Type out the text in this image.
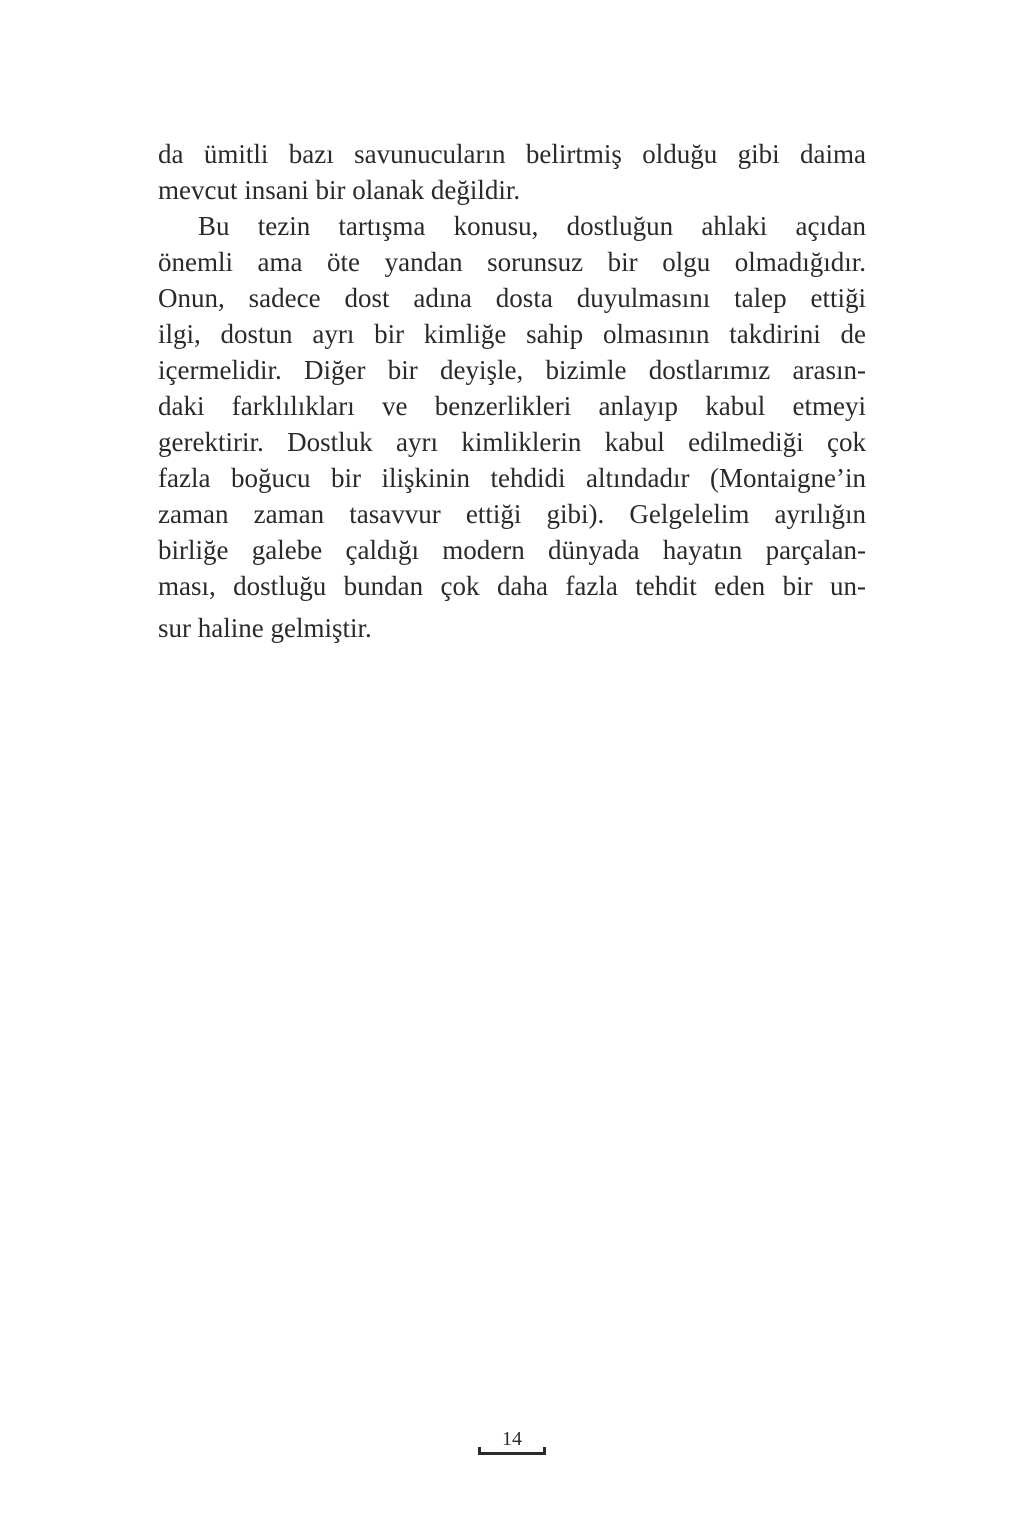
da ümitli bazı savunucuların belirtmiş olduğu gibi daima
mevcut insani bir olanak değildir.
Bu tezin tartışma konusu, dostluğun ahlaki açıdan
önemli ama öte yandan sorunsuz bir olgu olmadığıdır.
Onun, sadece dost adına dosta duyulmasını talep ettiği
ilgi, dostun ayrı bir kimliğe sahip olmasının takdirini de
içermelidir. Diğer bir deyişle, bizimle dostlarımız arasın-
daki farklılıkları ve benzerlikleri anlayıp kabul etmeyi
gerektirir. Dostluk ayrı kimliklerin kabul edilmediği çok
fazla boğucu bir ilişkinin tehdidi altındadır (Montaigne’in
zaman zaman tasavvur ettiği gibi). Gelgelelim ayrılığın
birliğe galebe çaldığı modern dünyada hayatın parçalan-
ması, dostluğu bundan çok daha fazla tehdit eden bir un-
sur haline gelmiştir.
14
